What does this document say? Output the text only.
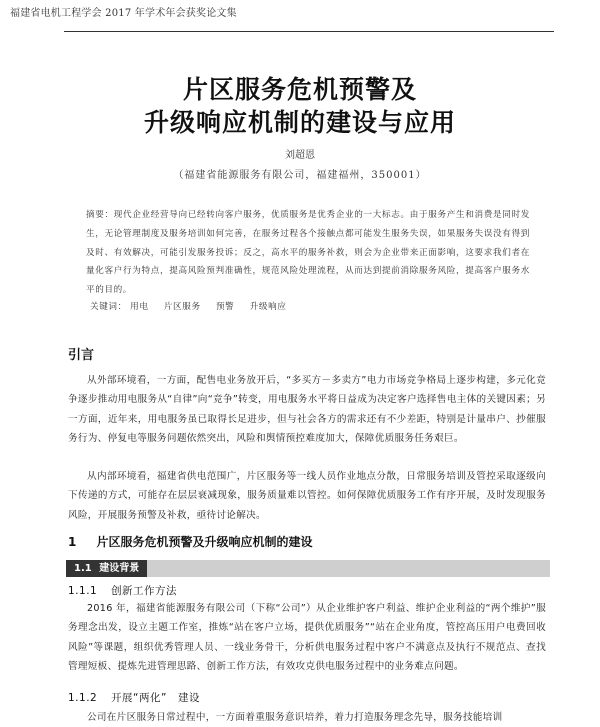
福建省电机工程学会 2017 年学术年会获奖论文集
片区服务危机预警及
升级响应机制的建设与应用
刘超恩
（福建省能源服务有限公司，福建福州，350001）

摘要：现代企业经营导向已经转向客户服务，优质服务是优秀企业的一大标志。由于服务产生和消费是同时发生，无论管理制度及服务培训如何完善，在服务过程各个接触点都可能发生服务失误，如果服务失误没有得到及时、有效解决，可能引发服务投诉；反之，高水平的服务补救，则会为企业带来正面影响，这要求我们者在量化客户行为特点，提高风险预判准确性，规范风险处理流程，从而达到提前消除服务风险，提高客户服务水平的目的。

关键词： 用电 片区服务 预警 升级响应
引言

从外部环境看，一方面，配售电业务放开后，“多买方－多卖方”电力市场竞争格局上逐步构建，多元化竞争逐步推动用电服务从“自律”向“竞争”转变，用电服务水平将日益成为决定客户选择售电主体的关键因素；另一方面，近年来，用电服务虽已取得长足进步，但与社会各方的需求还有不少差距，特别是计量串户、抄催服务行为、停复电等服务问题依然突出，风险和舆情预控难度加大，保障优质服务任务艰巨。

从内部环境看，福建省供电范围广，片区服务等一线人员作业地点分散，日常服务培训及管控采取逐级向下传递的方式，可能存在层层衰减现象，服务质量难以管控。如何保障优质服务工作有序开展，及时发现服务风险，开展服务预警及补救，亟待讨论解决。

1 片区服务危机预警及升级响应机制的建设
1.1 建设背景
1.1.1 创新工作方法

2016 年，福建省能源服务有限公司（下称“公司”）从企业维护客户利益、维护企业利益的“两个维护”服务理念出发，设立主题工作室，推炼“站在客户立场，提供优质服务”“站在企业角度，管控高压用户电费回收风险”等课题，组织优秀管理人员、一线业务骨干，分析供电服务过程中客户不满意点及执行不规范点、查找管理短板、提炼先进管理思路、创新工作方法，有效攻克供电服务过程中的业务难点问题。

1.1.2 开展“两化”　建设

公司在片区服务日常过程中，一方面着重服务意识培养，着力打造服务理念先导，服务技能培训
